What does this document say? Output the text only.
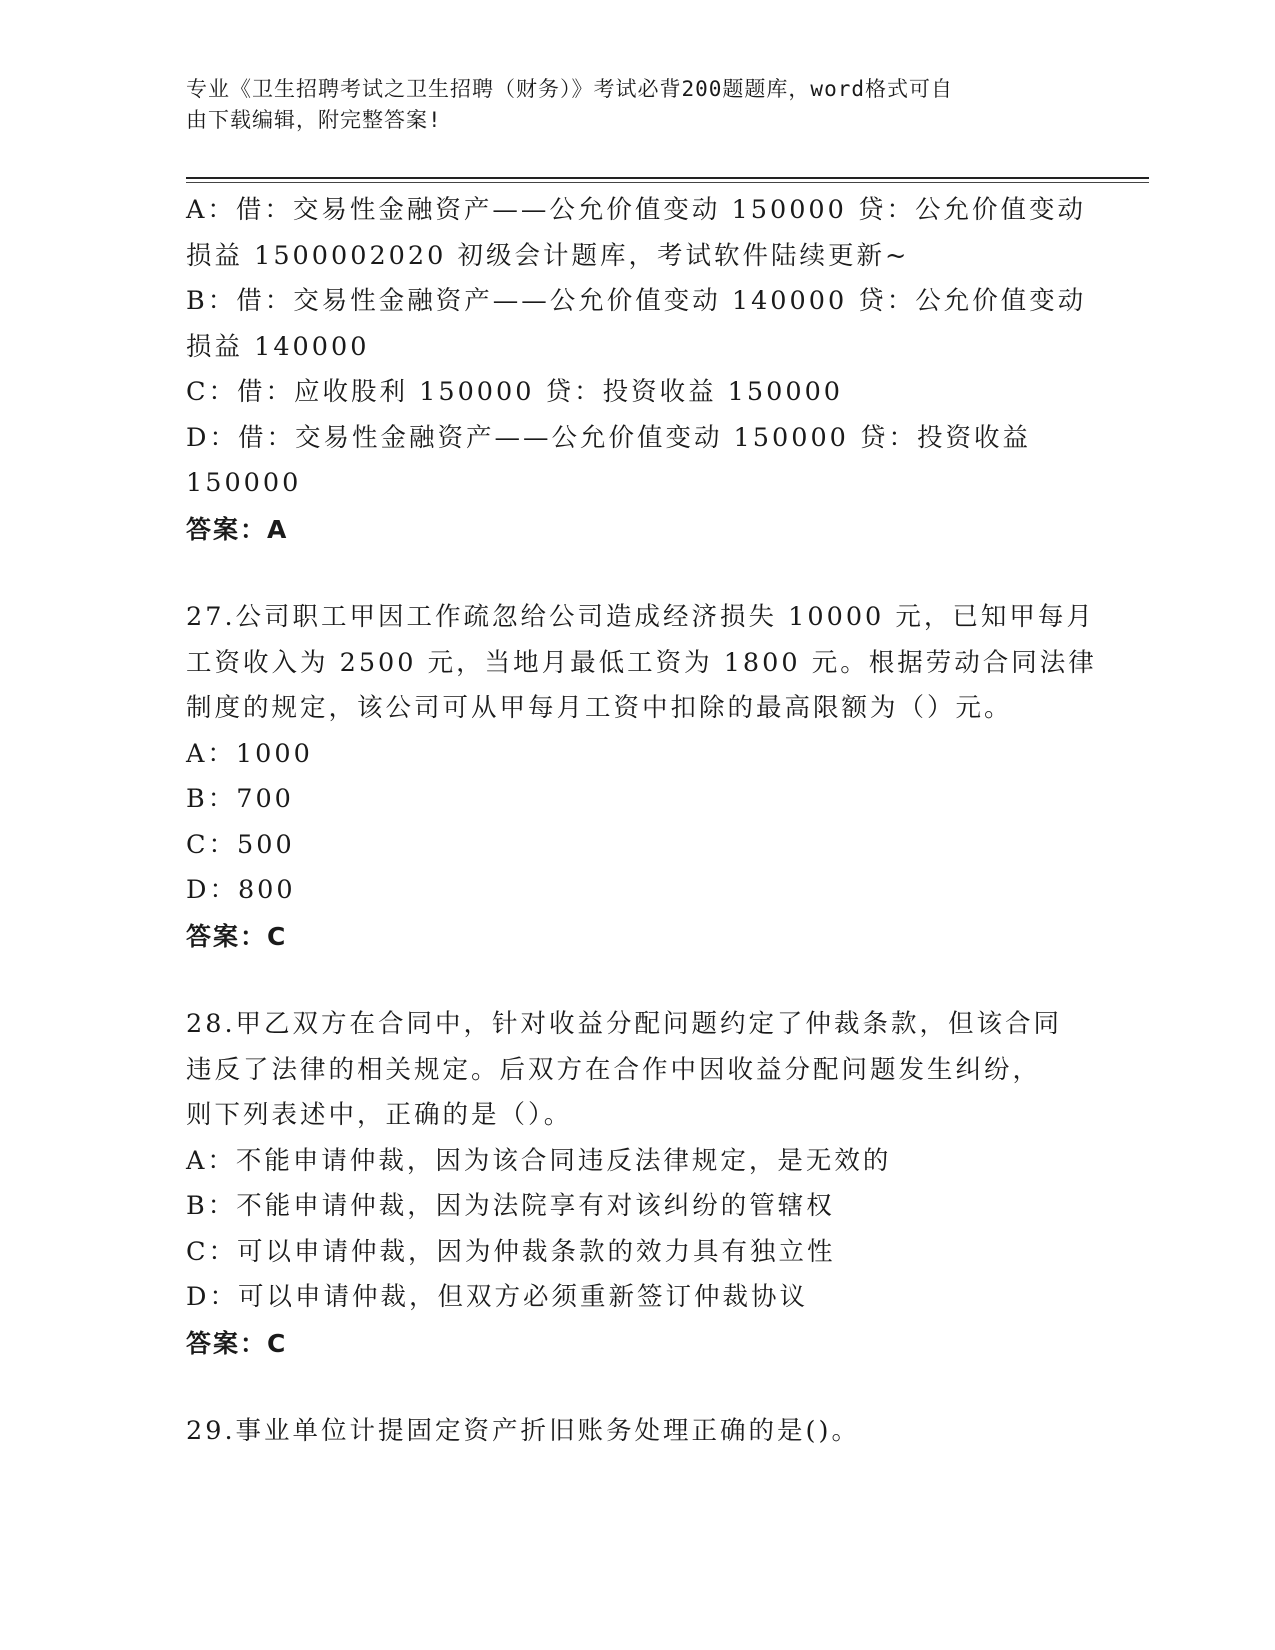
专业《卫生招聘考试之卫生招聘（财务）》考试必背200题题库，word格式可自
由下载编辑，附完整答案!
A：借：交易性金融资产——公允价值变动 150000 贷：公允价值变动
损益 1500002020 初级会计题库，考试软件陆续更新~
B：借：交易性金融资产——公允价值变动 140000 贷：公允价值变动
损益 140000
C：借：应收股利 150000 贷：投资收益 150000
D：借：交易性金融资产——公允价值变动 150000 贷：投资收益
150000
答案：A
27.公司职工甲因工作疏忽给公司造成经济损失 10000 元，已知甲每月
工资收入为 2500 元，当地月最低工资为 1800 元。根据劳动合同法律
制度的规定，该公司可从甲每月工资中扣除的最高限额为（）元。
A：1000
B：700
C：500
D：800
答案：C
28.甲乙双方在合同中，针对收益分配问题约定了仲裁条款，但该合同
违反了法律的相关规定。后双方在合作中因收益分配问题发生纠纷，
则下列表述中，正确的是（）。
A：不能申请仲裁，因为该合同违反法律规定，是无效的
B：不能申请仲裁，因为法院享有对该纠纷的管辖权
C：可以申请仲裁，因为仲裁条款的效力具有独立性
D：可以申请仲裁，但双方必须重新签订仲裁协议
答案：C
29.事业单位计提固定资产折旧账务处理正确的是()。
